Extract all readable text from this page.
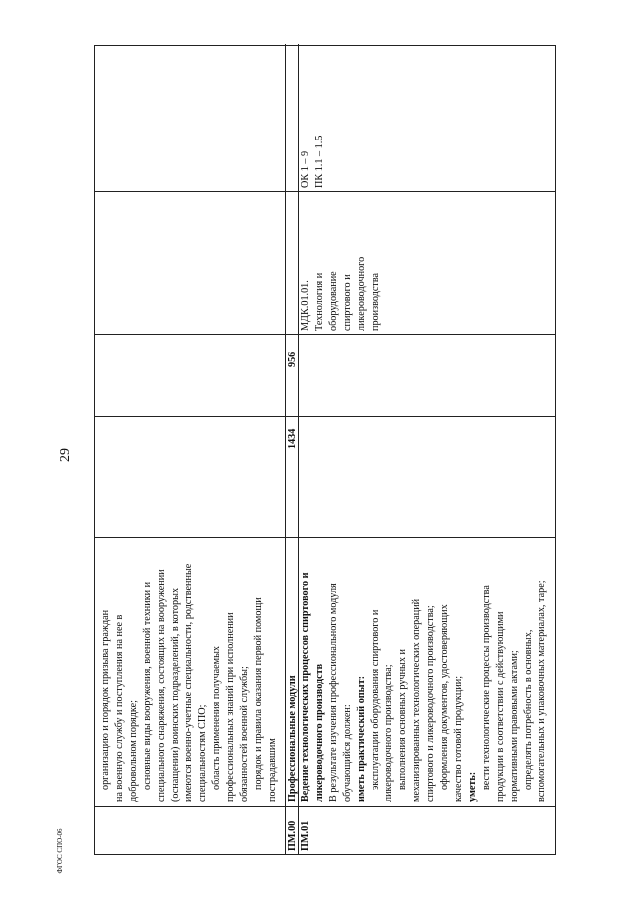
29
организацию и порядок призыва граждан на военную службу и поступления на нее в добровольном порядке; основные виды вооружения, военной техники и специального снаряжения, состоящих на вооружении (оснащении) воинских подразделений, в которых имеются военно-учетные специальности, родственные специальностям СПО; область применения получаемых профессиональных знаний при исполнении обязанностей военной службы; порядок и правила оказания первой помощи пострадавшим
ПМ.00
Профессиональные модули
1434
956
ПМ.01
Ведение технологических процессов спиртового и ликероводочного производств В результате изучения профессионального модуля обучающийся должен: иметь практический опыт: эксплуатации оборудования спиртового и ликероводочного производства; выполнения основных ручных и механизированных технологических операций спиртового и ликероводочного производства; оформления документов, удостоверяющих качество готовой продукции; уметь: вести технологические процессы производства продукции в соответствии с действующими нормативными правовыми актами; определять потребность в основных, вспомогательных и упаковочных материалах, таре;
МДК.01.01. Технология и оборудование спиртового и ликероводочного производства
ОК 1 – 9 ПК 1.1 – 1.5
ФГОС СПО-06
